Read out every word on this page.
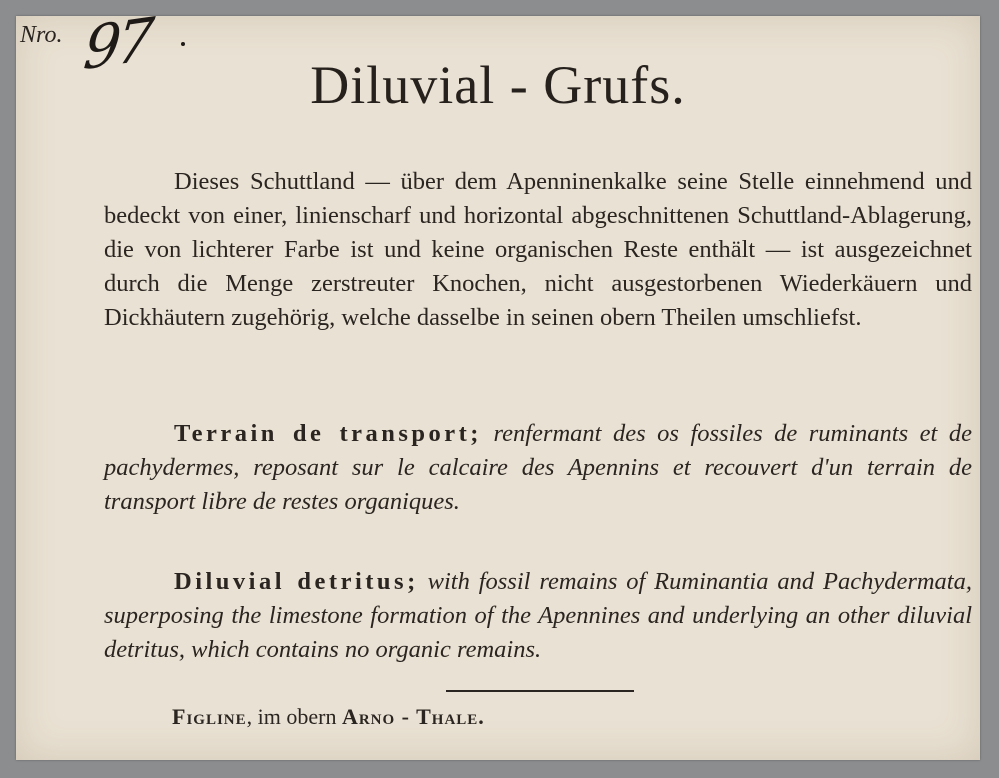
Nro. 97
Diluvial - Grufs.

Dieses Schuttland — über dem Apenninenkalke seine Stelle einnehmend und bedeckt von einer, linienscharf und horizontal abgeschnittenen Schuttland-Ablagerung, die von lichterer Farbe ist und keine organischen Reste enthält — ist ausgezeichnet durch die Menge zerstreuter Knochen, nicht ausgestorbenen Wiederkäuern und Dickhäutern zugehörig, welche dasselbe in seinen obern Theilen umschliefst.

Terrain de transport; renfermant des os fossiles de ruminants et de pachydermes, reposant sur le calcaire des Apennins et recouvert d'un terrain de transport libre de restes organiques.

Diluvial detritus; with fossil remains of Ruminantia and Pachydermata, superposing the limestone formation of the Apennines and underlying an other diluvial detritus, which contains no organic remains.

Figline, im obern Arno - Thale.
